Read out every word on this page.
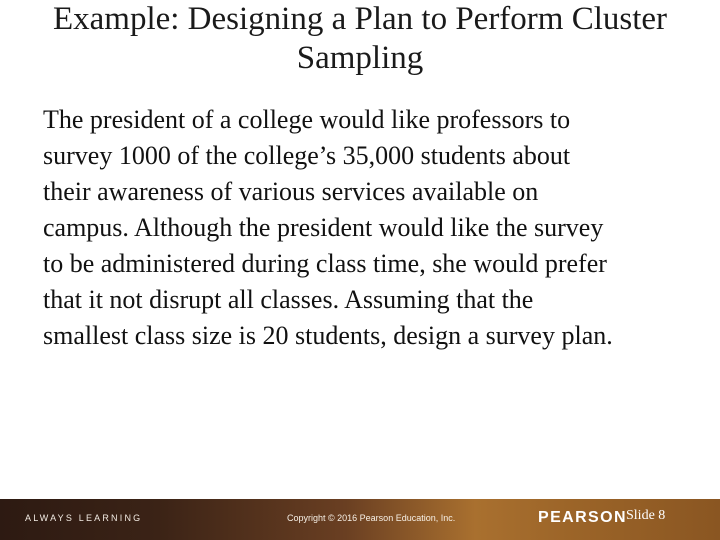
Example: Designing a Plan to Perform Cluster
Sampling

The president of a college would like professors to
survey 1000 of the college’s 35,000 students about
their awareness of various services available on
campus. Although the president would like the survey
to be administered during class time, she would prefer
that it not disrupt all classes. Assuming that the
smallest class size is 20 students, design a survey plan.

ALWAYS LEARNING	Copyright © 2016 Pearson Education, Inc.	PEARSON Slide 8
